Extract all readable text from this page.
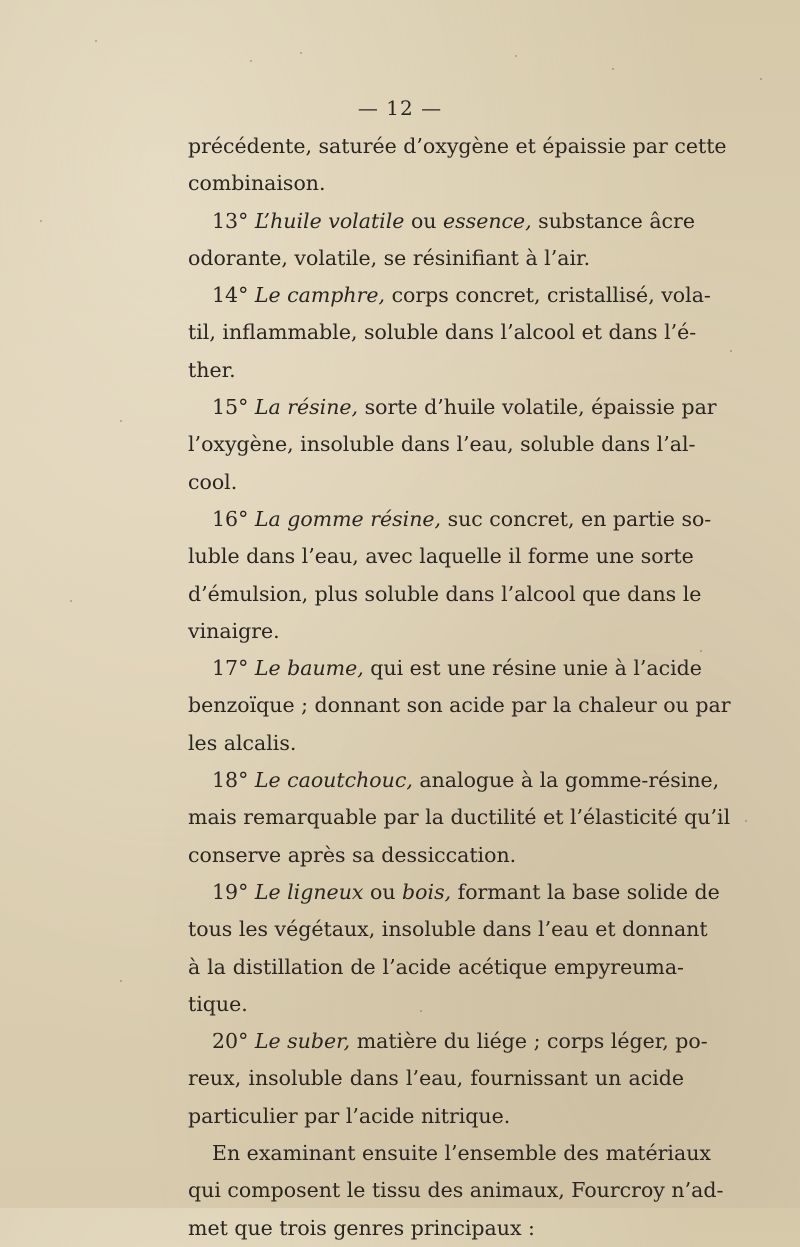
— 12 —
précédente, saturée d’oxygène et épaissie par cette
combinaison.
13° L’huile volatile ou essence, substance âcre
odorante, volatile, se résinifiant à l’air.
14° Le camphre, corps concret, cristallisé, vola-
til, inflammable, soluble dans l’alcool et dans l’é-
ther.
15° La résine, sorte d’huile volatile, épaissie par
l’oxygène, insoluble dans l’eau, soluble dans l’al-
cool.
16° La gomme résine, suc concret, en partie so-
luble dans l’eau, avec laquelle il forme une sorte
d’émulsion, plus soluble dans l’alcool que dans le
vinaigre.
17° Le baume, qui est une résine unie à l’acide
benzoïque ; donnant son acide par la chaleur ou par
les alcalis.
18° Le caoutchouc, analogue à la gomme-résine,
mais remarquable par la ductilité et l’élasticité qu’il
conserve après sa dessiccation.
19° Le ligneux ou bois, formant la base solide de
tous les végétaux, insoluble dans l’eau et donnant
à la distillation de l’acide acétique empyreuma-
tique.
20° Le suber, matière du liége ; corps léger, po-
reux, insoluble dans l’eau, fournissant un acide
particulier par l’acide nitrique.
En examinant ensuite l’ensemble des matériaux
qui composent le tissu des animaux, Fourcroy n’ad-
met que trois genres principaux :
